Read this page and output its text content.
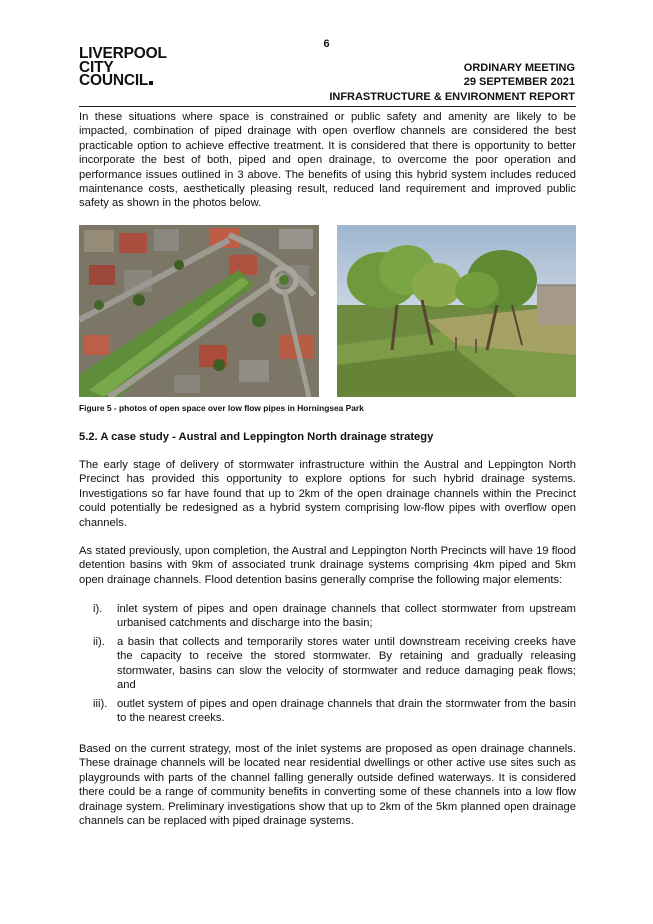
6
LIVERPOOL
CITY
COUNCIL
ORDINARY MEETING
29 SEPTEMBER 2021
INFRASTRUCTURE & ENVIRONMENT REPORT
In these situations where space is constrained or public safety and amenity are likely to be impacted, combination of piped drainage with open overflow channels are considered the best practicable option to achieve effective treatment. It is considered that there is opportunity to better incorporate the best of both, piped and open drainage, to overcome the poor operation and performance issues outlined in 3 above. The benefits of using this hybrid system includes reduced maintenance costs, aesthetically pleasing result, reduced land requirement and improved public safety as shown in the photos below.
Figure 5 - photos of open space over low flow pipes in Horningsea Park
5.2. A case study - Austral and Leppington North drainage strategy
The early stage of delivery of stormwater infrastructure within the Austral and Leppington North Precinct has provided this opportunity to explore options for such hybrid drainage systems. Investigations so far have found that up to 2km of the open drainage channels within the Precinct could potentially be redesigned as a hybrid system comprising low-flow pipes with overflow open channels.
As stated previously, upon completion, the Austral and Leppington North Precincts will have 19 flood detention basins with 9km of associated trunk drainage systems comprising 4km piped and 5km open drainage channels. Flood detention basins generally comprise the following major elements:
i). inlet system of pipes and open drainage channels that collect stormwater from upstream urbanised catchments and discharge into the basin;
ii). a basin that collects and temporarily stores water until downstream receiving creeks have the capacity to receive the stored stormwater. By retaining and gradually releasing stormwater, basins can slow the velocity of stormwater and reduce damaging peak flows; and
iii). outlet system of pipes and open drainage channels that drain the stormwater from the basin to the nearest creeks.
Based on the current strategy, most of the inlet systems are proposed as open drainage channels. These drainage channels will be located near residential dwellings or other active use sites such as playgrounds with parts of the channel falling generally outside defined waterways. It is considered there could be a range of community benefits in converting some of these channels into a low flow drainage system. Preliminary investigations show that up to 2km of the 5km planned open drainage channels can be replaced with piped drainage systems.
